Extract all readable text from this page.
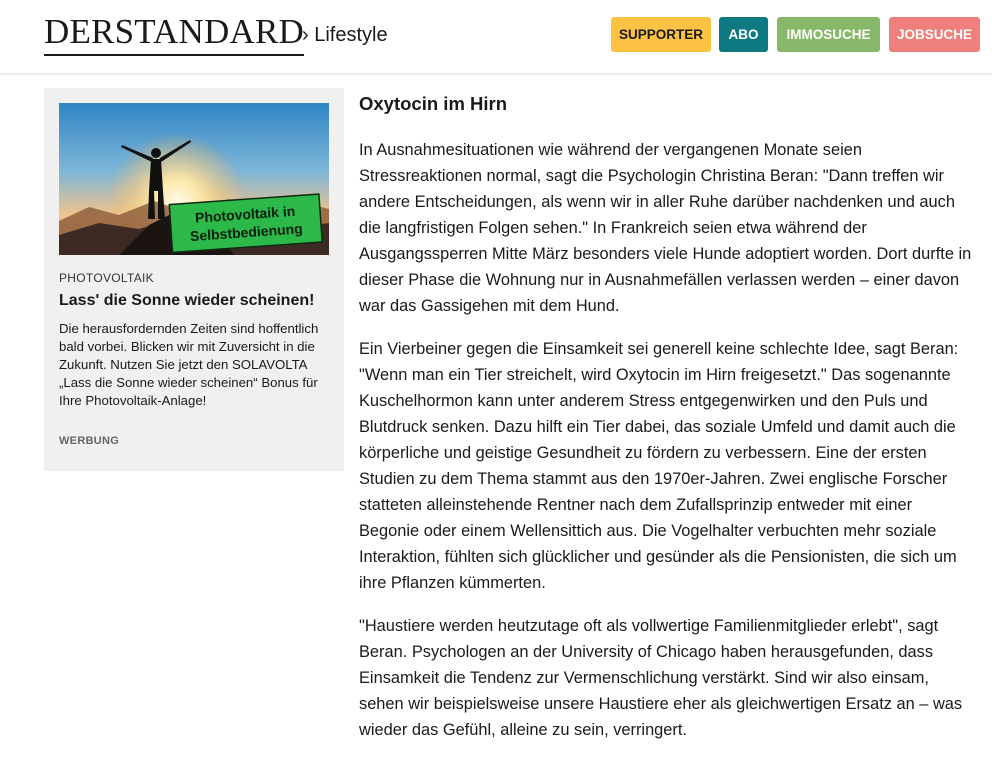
DERSTANDARD
› Lifestyle	SUPPORTER	ABO	IMMOSUCHE	JOBSUCHE
Photovoltaik in
Selbstbedienung
PHOTOVOLTAIK
Lass' die Sonne wieder scheinen!
Die herausfordernden Zeiten sind hoffentlich bald vorbei. Blicken wir mit Zuversicht in die Zukunft. Nutzen Sie jetzt den SOLAVOLTA „Lass die Sonne wieder scheinen“ Bonus für Ihre Photovoltaik-Anlage!
WERBUNG
Oxytocin im Hirn

In Ausnahmesituationen wie während der vergangenen Monate seien Stressreaktionen normal, sagt die Psychologin Christina Beran: "Dann treffen wir andere Entscheidungen, als wenn wir in aller Ruhe darüber nachdenken und auch die langfristigen Folgen sehen." In Frankreich seien etwa während der Ausgangssperren Mitte März besonders viele Hunde adoptiert worden. Dort durfte in dieser Phase die Wohnung nur in Ausnahmefällen verlassen werden – einer davon war das Gassigehen mit dem Hund.

Ein Vierbeiner gegen die Einsamkeit sei generell keine schlechte Idee, sagt Beran: "Wenn man ein Tier streichelt, wird Oxytocin im Hirn freigesetzt." Das sogenannte Kuschelhormon kann unter anderem Stress entgegenwirken und den Puls und Blutdruck senken. Dazu hilft ein Tier dabei, das soziale Umfeld und damit auch die körperliche und geistige Gesundheit zu fördern zu verbessern. Eine der ersten Studien zu dem Thema stammt aus den 1970er-Jahren. Zwei englische Forscher statteten alleinstehende Rentner nach dem Zufallsprinzip entweder mit einer Begonie oder einem Wellensittich aus. Die Vogelhalter verbuchten mehr soziale Interaktion, fühlten sich glücklicher und gesünder als die Pensionisten, die sich um ihre Pflanzen kümmerten.

"Haustiere werden heutzutage oft als vollwertige Familienmitglieder erlebt", sagt Beran. Psychologen an der University of Chicago haben herausgefunden, dass Einsamkeit die Tendenz zur Vermenschlichung verstärkt. Sind wir also einsam, sehen wir beispielsweise unsere Haustiere eher als gleichwertigen Ersatz an – was wieder das Gefühl, alleine zu sein, verringert.
